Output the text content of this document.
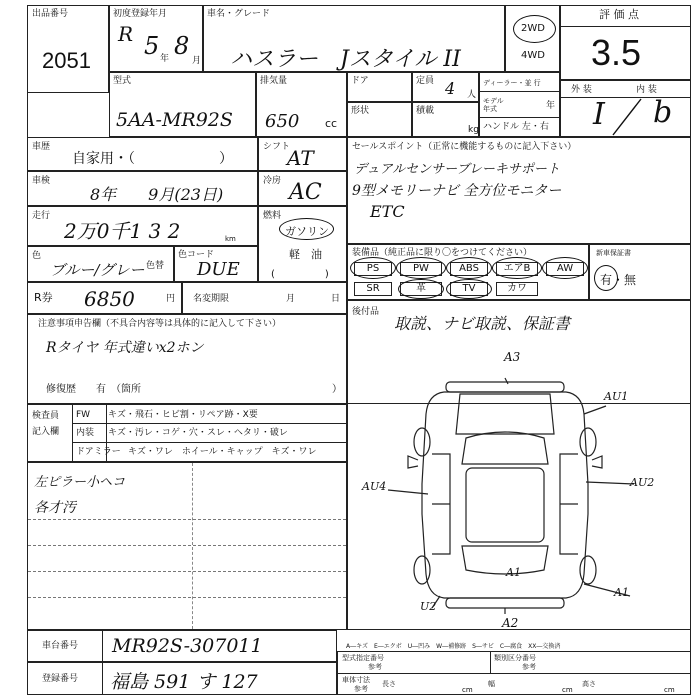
出品番号
2051
初度登録年月
R 5 年 8
月
車名・グレード
ハスラー　Jスタイル II
2WD
4WD
評 価 点
3.5
型式
5AA-MR92S
排気量
650 cc
ドア	定員 4 人
形状	積載
kg
ディーラー・並 行
モデル年式	年
ハンドル 左・右
外 装	内 装
I b
車歴
自家用・（　　　　　　）
車検
8年　　9月(23日)
走行
2万0千1 3 2	km
色
ブルー/グレー 色替
色コード
DUE
R券 6850	円 名変期限	月	日
シフト
AT
冷房 AC
燃料
ガソリン
軽　油
(　　　　　)
セールスポイント（正常に機能するものに記入下さい）
デュアルセンサーブレーキサポート
9型メモリーナビ 全方位モニター
ETC
装備品（純正品に限り〇をつけてください）
PS	PW	ABS	エアB	AW
SR	革	TV	カワ
新車保証書
有・無
後付品
取説、ナビ取説、保証書
注意事項申告欄（不具合内容等は具体的に記入して下さい）
Rタイヤ 年式違いx2ホン
修復歴　　有　（箇所	）
検査員
記入欄
FW キズ・飛石・ヒビ割・リペア跡・X要
内装 キズ・汚レ・コゲ・穴・スレ・ヘタリ・破レ
ドアミラー キズ・ワレ　ホイール・キャップ　キズ・ワレ
左ピラー小ヘコ
各才汚
A3
AU1
AU2
AU4
A1
U2
A2
A1
車台番号 MR92S-307011
登録番号 福島 591 す 127
A―キズ　E―エクボ　U―凹み　W―補修跡　S―サビ　C―腐食　XX―交換済
型式指定番号
参考
類別区分番号
参考
車体寸法
参考
長さ
cm
幅
cm
高さ
cm
